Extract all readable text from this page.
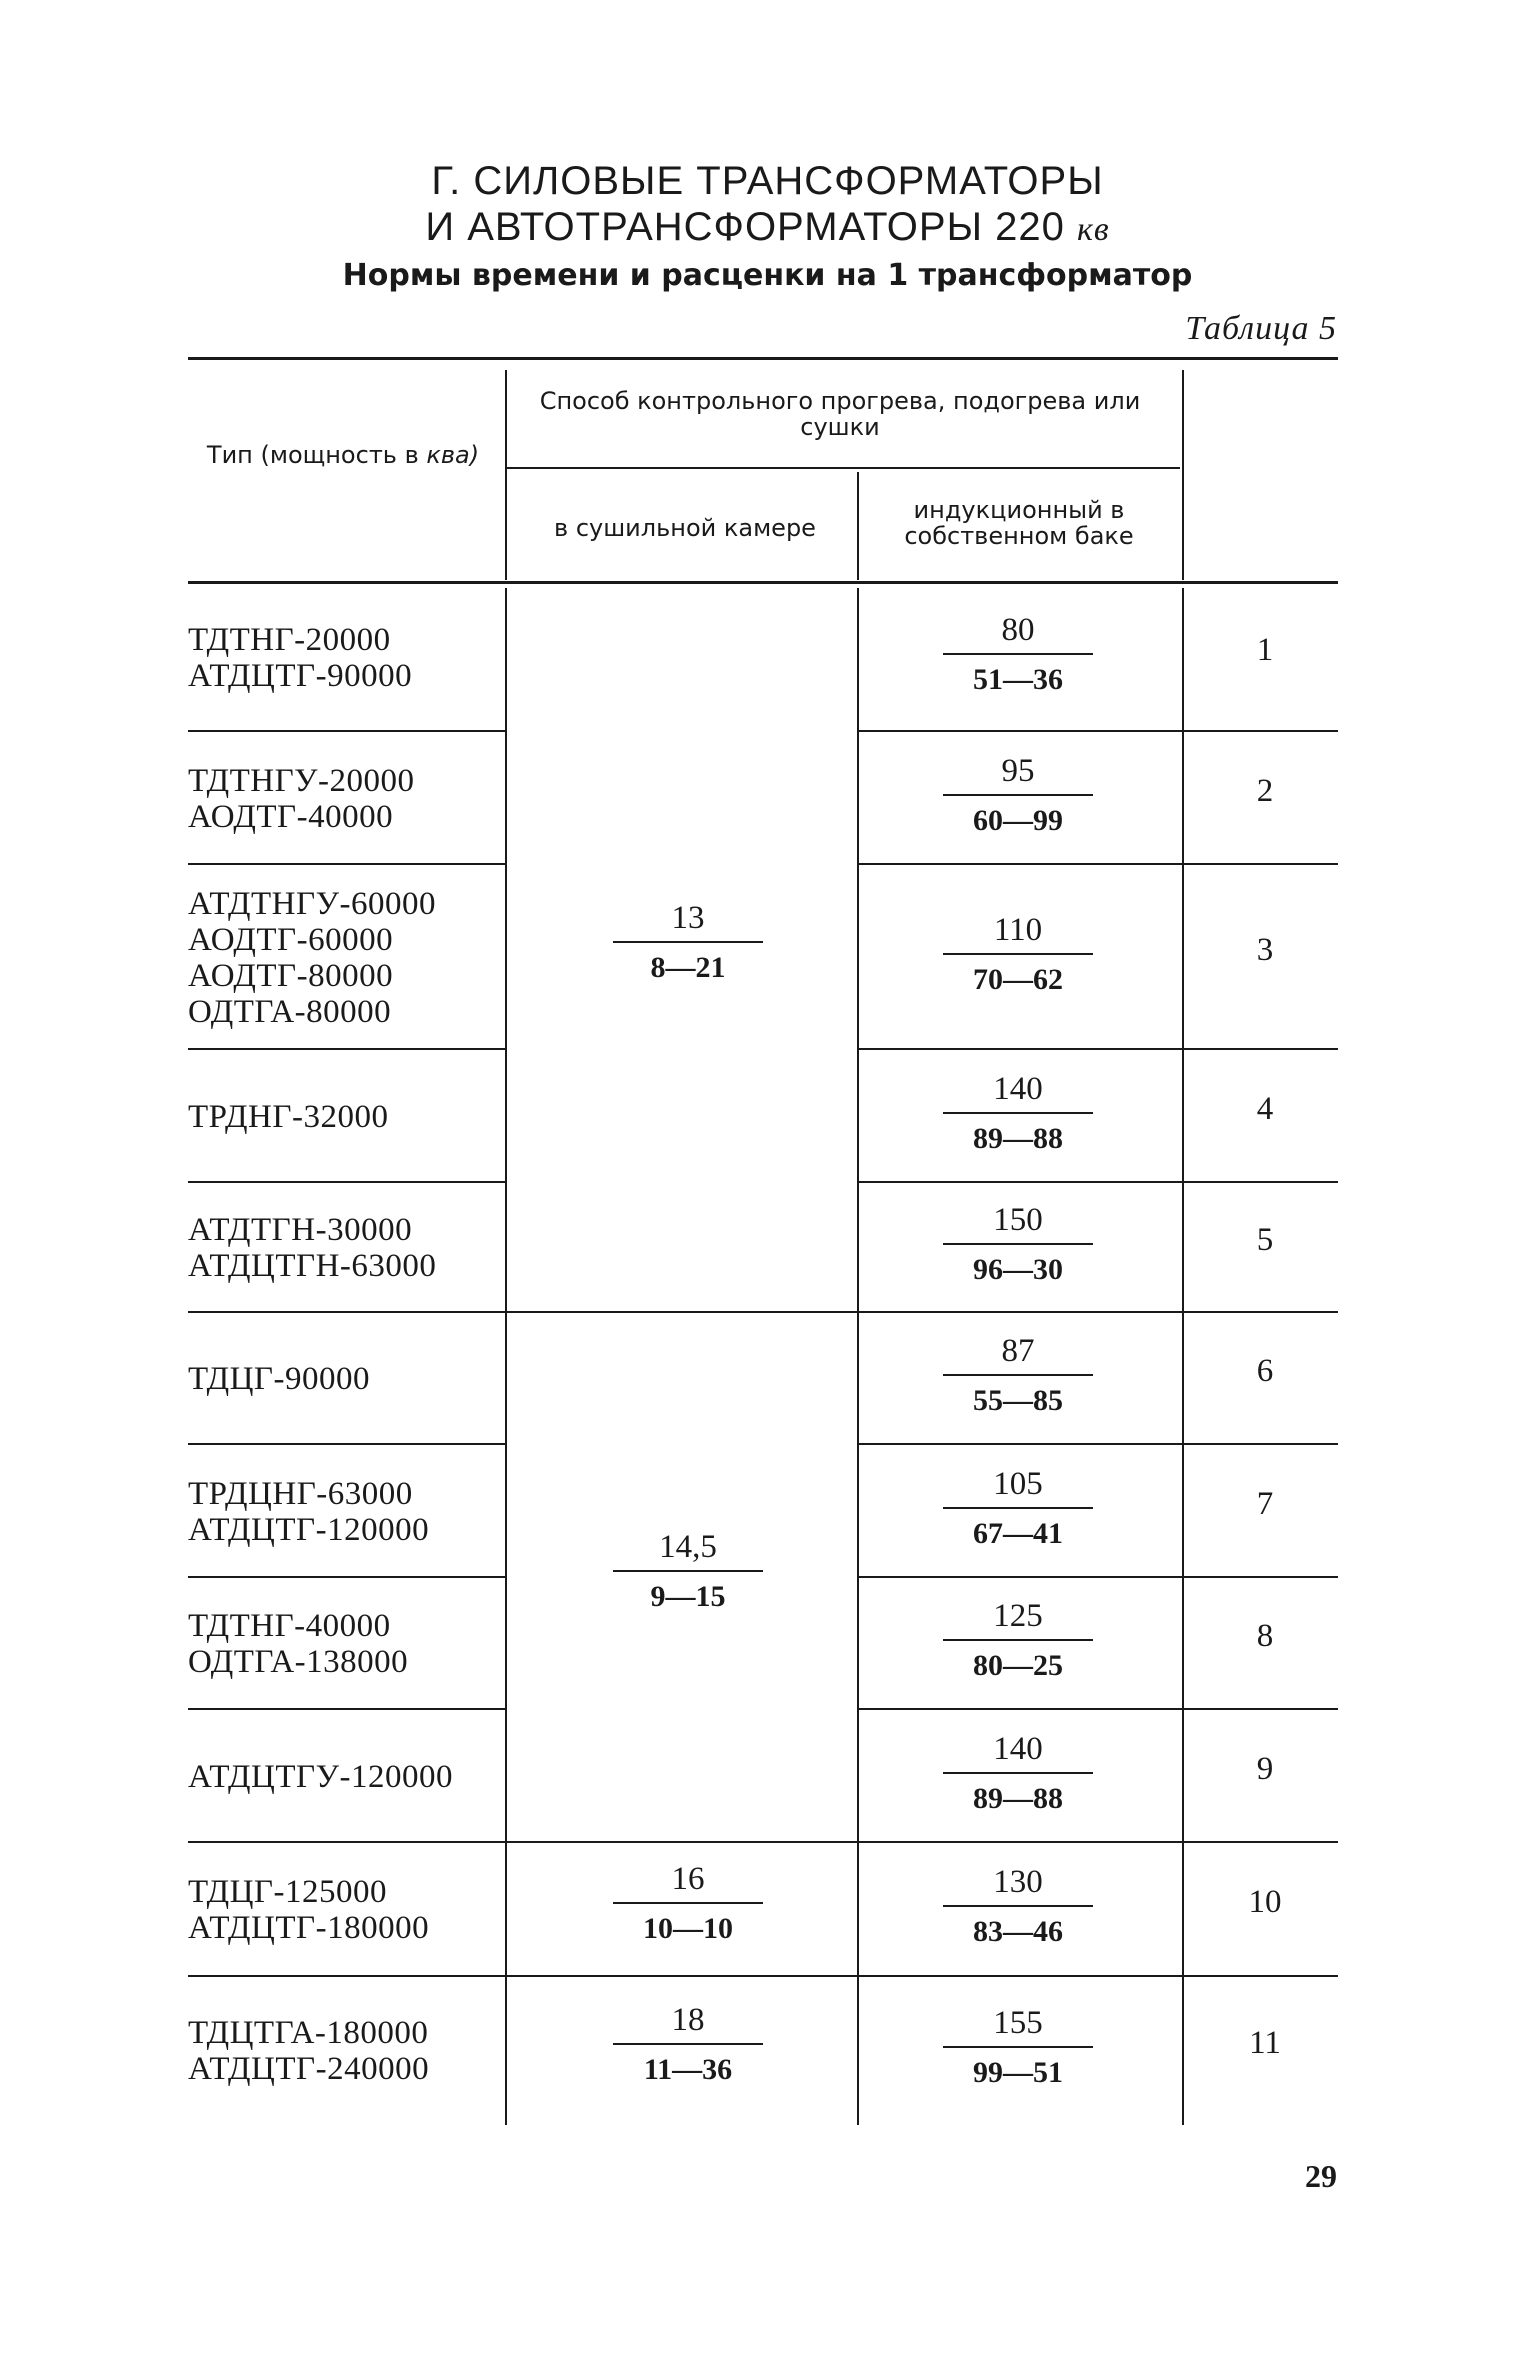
Г. СИЛОВЫЕ ТРАНСФОРМАТОРЫ
И АВТОТРАНСФОРМАТОРЫ 220 кв
Нормы времени и расценки на 1 трансформатор
Таблица 5
Тип (мощность в ква)
Способ контрольного прогрева, подогрева или сушки
в сушильной камере
индукционный в собственном баке
ТДТНГ-20000
АТДЦТГ-90000
80
51—36
1
ТДТНГУ-20000
АОДТГ-40000
95
60—99
2
АТДТНГУ-60000
АОДТГ-60000
АОДТГ-80000
ОДТГА-80000
110
70—62
3
ТРДНГ-32000
140
89—88
4
АТДТГН-30000
АТДЦТГН-63000
150
96—30
5
ТДЦГ-90000
87
55—85
6
ТРДЦНГ-63000
АТДЦТГ-120000
105
67—41
7
ТДТНГ-40000
ОДТГА-138000
125
80—25
8
АТДЦТГУ-120000
140
89—88
9
ТДЦГ-125000
АТДЦТГ-180000
130
83—46
10
ТДЦТГА-180000
АТДЦТГ-240000
155
99—51
11
13
8—21
14,5
9—15
16
10—10
18
11—36
29
